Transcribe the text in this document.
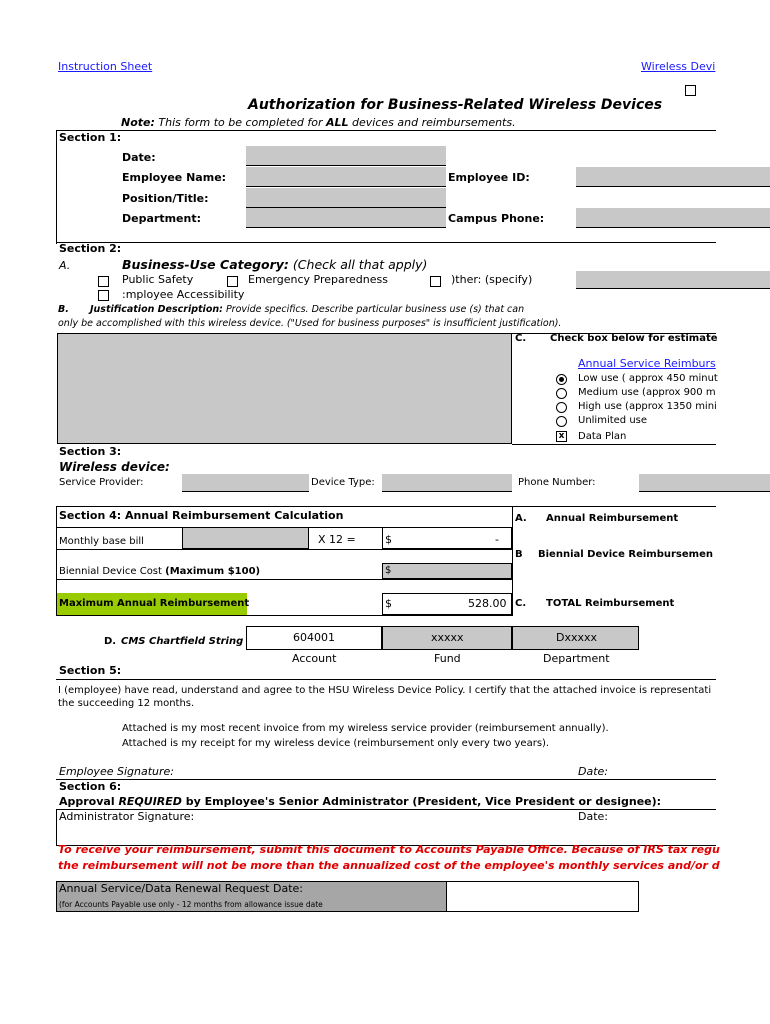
Instruction Sheet	Wireless Devi
Authorization for Business-Related Wireless Devices
Note: This form to be completed for ALL devices and reimbursements.
Section 1:
Date:
Employee Name:	Employee ID:
Position/Title:
Department:	Campus Phone:
Section 2:
A.	Business-Use Category: (Check all that apply)
Public Safety	Emergency Preparedness	)ther: (specify)
:mployee Accessibility
B. Justification Description: Provide specifics. Describe particular business use (s) that can
only be accomplished with this wireless device. ("Used for business purposes" is insufficient justification).
C. Check box below for estimate
Annual Service Reimburs
Low use ( approx 450 minut
Medium use (approx 900 m
High use (approx 1350 mini
Unlimited use
x Data Plan
Section 3:
Wireless device:
Service Provider:	Device Type:	Phone Number:
Section 4: Annual Reimbursement Calculation
Monthly base bill	X 12 =	$	-
Biennial Device Cost (Maximum $100)	$
Maximum Annual Reimbursement	$	528.00
A. Annual Reimbursement
B Biennial Device Reimbursemen
C. TOTAL Reimbursement
D. CMS Chartfield String	604001	xxxxx	Dxxxxx
Account	Fund	Department
Section 5:
I (employee) have read, understand and agree to the HSU Wireless Device Policy. I certify that the attached invoice is representati
the succeeding 12 months.
Attached is my most recent invoice from my wireless service provider (reimbursement annually).
Attached is my receipt for my wireless device (reimbursement only every two years).
Employee Signature:	Date:
Section 6:
Approval REQUIRED by Employee's Senior Administrator (President, Vice President or designee):
Administrator Signature:	Date:
To receive your reimbursement, submit this document to Accounts Payable Office. Because of IRS tax regu
the reimbursement will not be more than the annualized cost of the employee's monthly services and/or d
Annual Service/Data Renewal Request Date:
(for Accounts Payable use only - 12 months from allowance issue date
